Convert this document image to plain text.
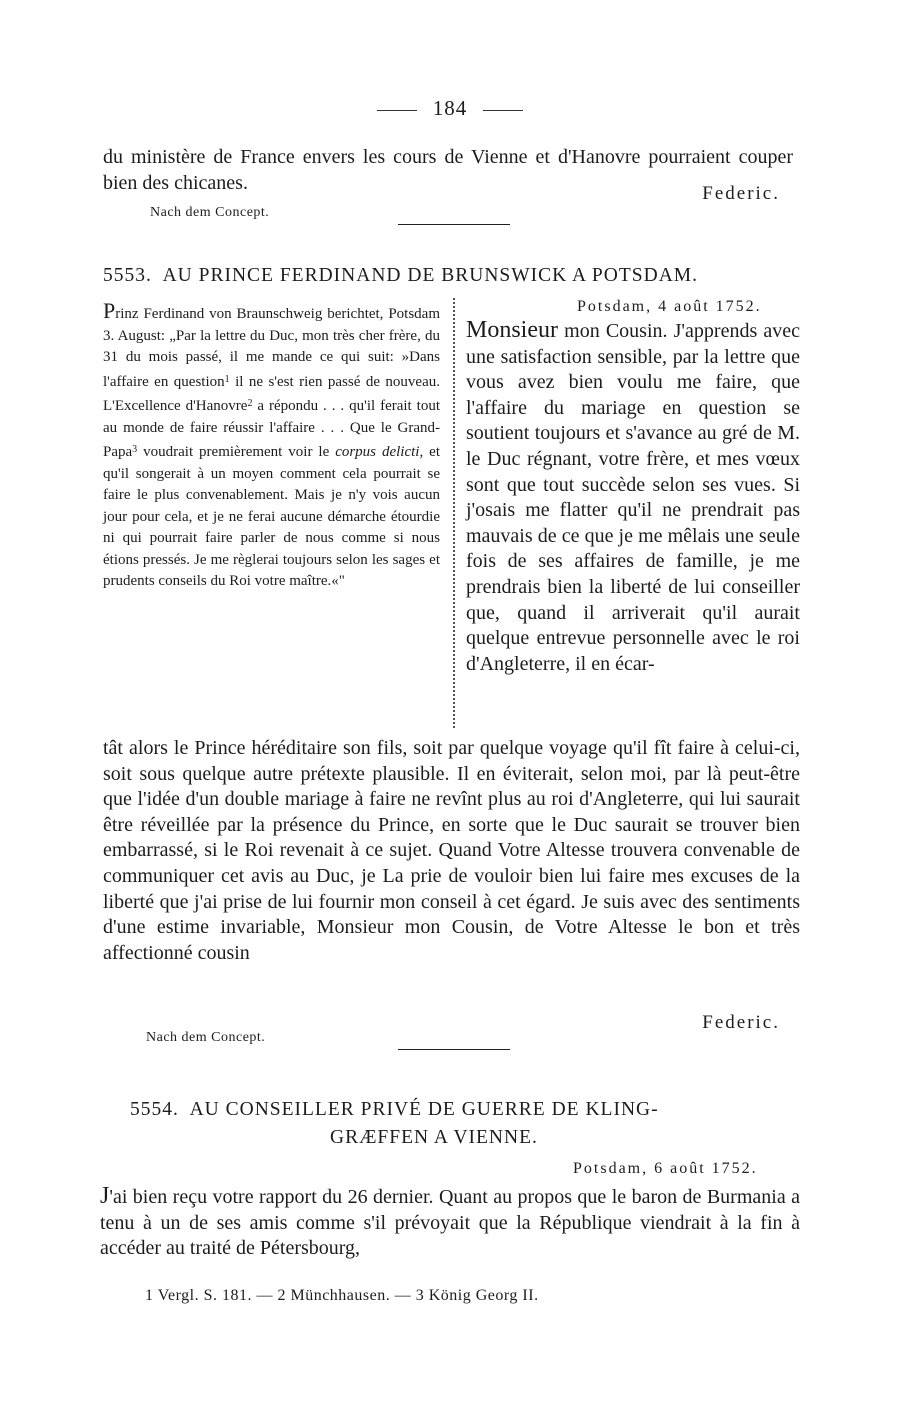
184

du ministère de France envers les cours de Vienne et d'Hanovre pourraient couper bien des chicanes.	Federic.
Nach dem Concept.
5553. AU PRINCE FERDINAND DE BRUNSWICK A POTSDAM.
Prinz Ferdinand von Braunschweig berichtet, Potsdam 3. August: „Par la lettre du Duc, mon très cher frère, du 31 du mois passé, il me mande ce qui suit: »Dans l'affaire en question$^1$ il ne s'est rien passé de nouveau. L'Excellence d'Hanovre$^2$ a répondu . . . qu'il ferait tout au monde de faire réussir l'affaire . . . Que le Grand-Papa$^3$ voudrait premièrement voir le corpus delicti, et qu'il songerait à un moyen comment cela pourrait se faire le plus convenablement. Mais je n'y vois aucun jour pour cela, et je ne ferai aucune démarche étourdie ni qui pourrait faire parler de nous comme si nous étions pressés. Je me règlerai toujours selon les sages et prudents conseils du Roi votre maître.«"
Potsdam, 4 août 1752.
Monsieur mon Cousin. J'apprends avec une satisfaction sensible, par la lettre que vous avez bien voulu me faire, que l'affaire du mariage en question se soutient toujours et s'avance au gré de M. le Duc régnant, votre frère, et mes vœux sont que tout succède selon ses vues. Si j'osais me flatter qu'il ne prendrait pas mauvais de ce que je me mêlais une seule fois de ses affaires de famille, je me prendrais bien la liberté de lui conseiller que, quand il arriverait qu'il aurait quelque entrevue personnelle avec le roi d'Angleterre, il en écar-
tât alors le Prince héréditaire son fils, soit par quelque voyage qu'il fît faire à celui-ci, soit sous quelque autre prétexte plausible. Il en éviterait, selon moi, par là peut-être que l'idée d'un double mariage à faire ne revînt plus au roi d'Angleterre, qui lui saurait être réveillée par la présence du Prince, en sorte que le Duc saurait se trouver bien embarrassé, si le Roi revenait à ce sujet. Quand Votre Altesse trouvera convenable de communiquer cet avis au Duc, je La prie de vouloir bien lui faire mes excuses de la liberté que j'ai prise de lui fournir mon conseil à cet égard. Je suis avec des sentiments d'une estime invariable, Monsieur mon Cousin, de Votre Altesse le bon et très affectionné cousin
Federic.
Nach dem Concept.
5554. AU CONSEILLER PRIVÉ DE GUERRE DE KLING-
GRÆFFEN A VIENNE.
Potsdam, 6 août 1752.
J'ai bien reçu votre rapport du 26 dernier. Quant au propos que le baron de Burmania a tenu à un de ses amis comme s'il prévoyait que la République viendrait à la fin à accéder au traité de Pétersbourg,
1 Vergl. S. 181. — 2 Münchhausen. — 3 König Georg II.
